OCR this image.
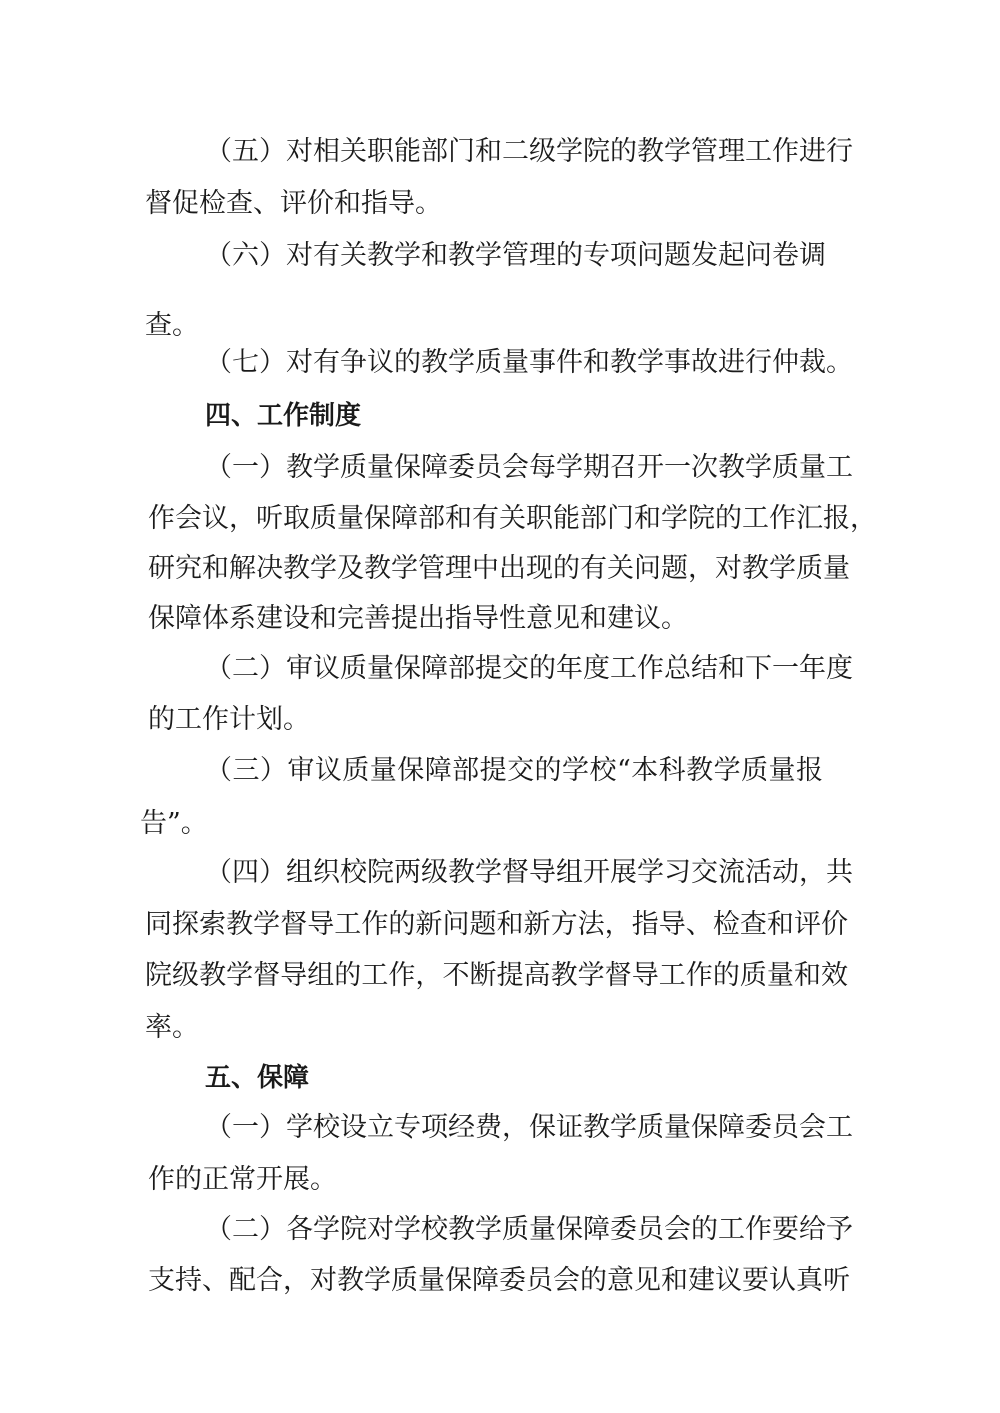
（五）对相关职能部门和二级学院的教学管理工作进行
督促检查、评价和指导。
（六）对有关教学和教学管理的专项问题发起问卷调
查。
（七）对有争议的教学质量事件和教学事故进行仲裁。
四、工作制度
（一）教学质量保障委员会每学期召开一次教学质量工
作会议，听取质量保障部和有关职能部门和学院的工作汇报，
研究和解决教学及教学管理中出现的有关问题，对教学质量
保障体系建设和完善提出指导性意见和建议。
（二）审议质量保障部提交的年度工作总结和下一年度
的工作计划。
（三）审议质量保障部提交的学校“本科教学质量报
告”。
（四）组织校院两级教学督导组开展学习交流活动，共
同探索教学督导工作的新问题和新方法，指导、检查和评价
院级教学督导组的工作，不断提高教学督导工作的质量和效
率。
五、保障
（一）学校设立专项经费，保证教学质量保障委员会工
作的正常开展。
（二）各学院对学校教学质量保障委员会的工作要给予
支持、配合，对教学质量保障委员会的意见和建议要认真听
